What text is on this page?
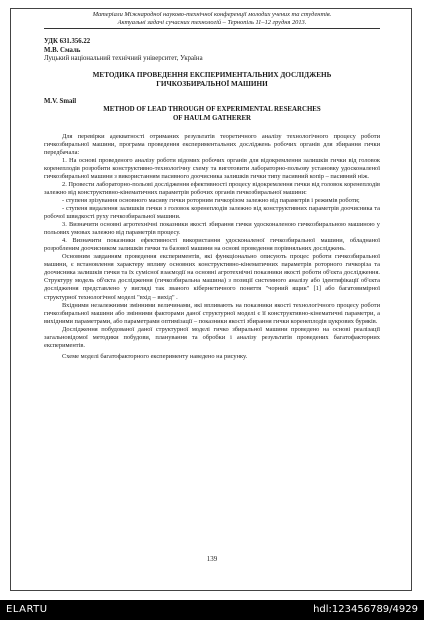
Матеріали Міжнародної науково-технічної конференції молодих учених та студентів.
Актуальні задачі сучасних технологій – Тернопіль 11–12 грудня 2013.
УДК 631.356.22
М.В. Смаль
Луцький національний технічний університет, Україна
МЕТОДИКА ПРОВЕДЕННЯ ЕКСПЕРИМЕНТАЛЬНИХ ДОСЛІДЖЕНЬ
ГИЧКОЗБИРАЛЬНОЇ МАШИНИ
M.V. Smail
METHOD OF LEAD THROUGH OF EXPERIMENTAL RESEARCHES
OF HAULM GATHERER

Для перевірки адекватності отриманих результатів теоретичного аналізу технологічного процесу роботи гичкозбиральної машини, програма проведення експериментальних досліджень робочих органів для збирання гички передбачала:

1. На основі проведеного аналізу роботи відомих робочих органів для відокремлення залишків гички від головок коренеплодів розробити конструктивно-технологічну схему та виготовити лабораторно-польову установку удосконаленої гичкозбиральної машини з використанням пасивного доочисника залишків гички типу пасивний копір – пасивний ніж.

2. Провести лабораторно-польові дослідження ефективності процесу відокремлення гички від головок коренеплодів залежно від конструктивно-кінематичних параметрів робочих органів гичкозбиральної машини:

- ступеня зрізування основного масиву гички роторним гичкорізом залежно від параметрів і режимів роботи;

- ступеня видалення залишків гички з головок коренеплодів залежно від конструктивних параметрів доочисника та робочої швидкості руху гичкозбиральної машини.

3. Визначити основні агротехнічні показники якості збирання гички удосконаленою гичкозбиральною машиною у польових умовах залежно від параметрів процесу.

4. Визначити показники ефективності використання удосконаленої гичкозбиральної машини, обладнаної розробленим доочисником залишків гички та базової машини на основі проведення порівняльних досліджень.

Основним завданням проведення експериментів, які функціонально описують процес роботи гичкозбиральної машини, є встановлення характеру впливу основних конструктивно-кінематичних параметрів роторного гичкоріза та доочисника залишків гички та їх сумісної взаємодії на основні агротехнічні показники якості роботи об'єкта дослідження. Структуру модель об'єкта дослідження (гичкозбиральна машина) з позиції системного аналізу або ідентифікації об'єкта дослідження представлено у вигляді так званого кібернетичного поняття "чорний ящик" [1] або багатовимірної структурної технологічної моделі "вхід – вихід" .

Вхідними незалежними змінними величинами, які впливають на показники якості технологічного процесу роботи гичкозбиральної машини або змінними факторами даної структурної моделі є її конструктивно-кінематичні параметри, а вихідними параметрами, або параметрами оптимізації – показники якості збирання гички коренеплодів цукрових буряків.

Дослідження побудованої даної структурної моделі гичко збиральної машини проведено на основі реалізації загальновідомої методики побудови, планування та обробки і аналізу результатів проведених багатофакторних експериментів.

Схеме моделі багатофакторного експерименту наведено на рисунку.
139
ELARTU	hdl:123456789/4929
